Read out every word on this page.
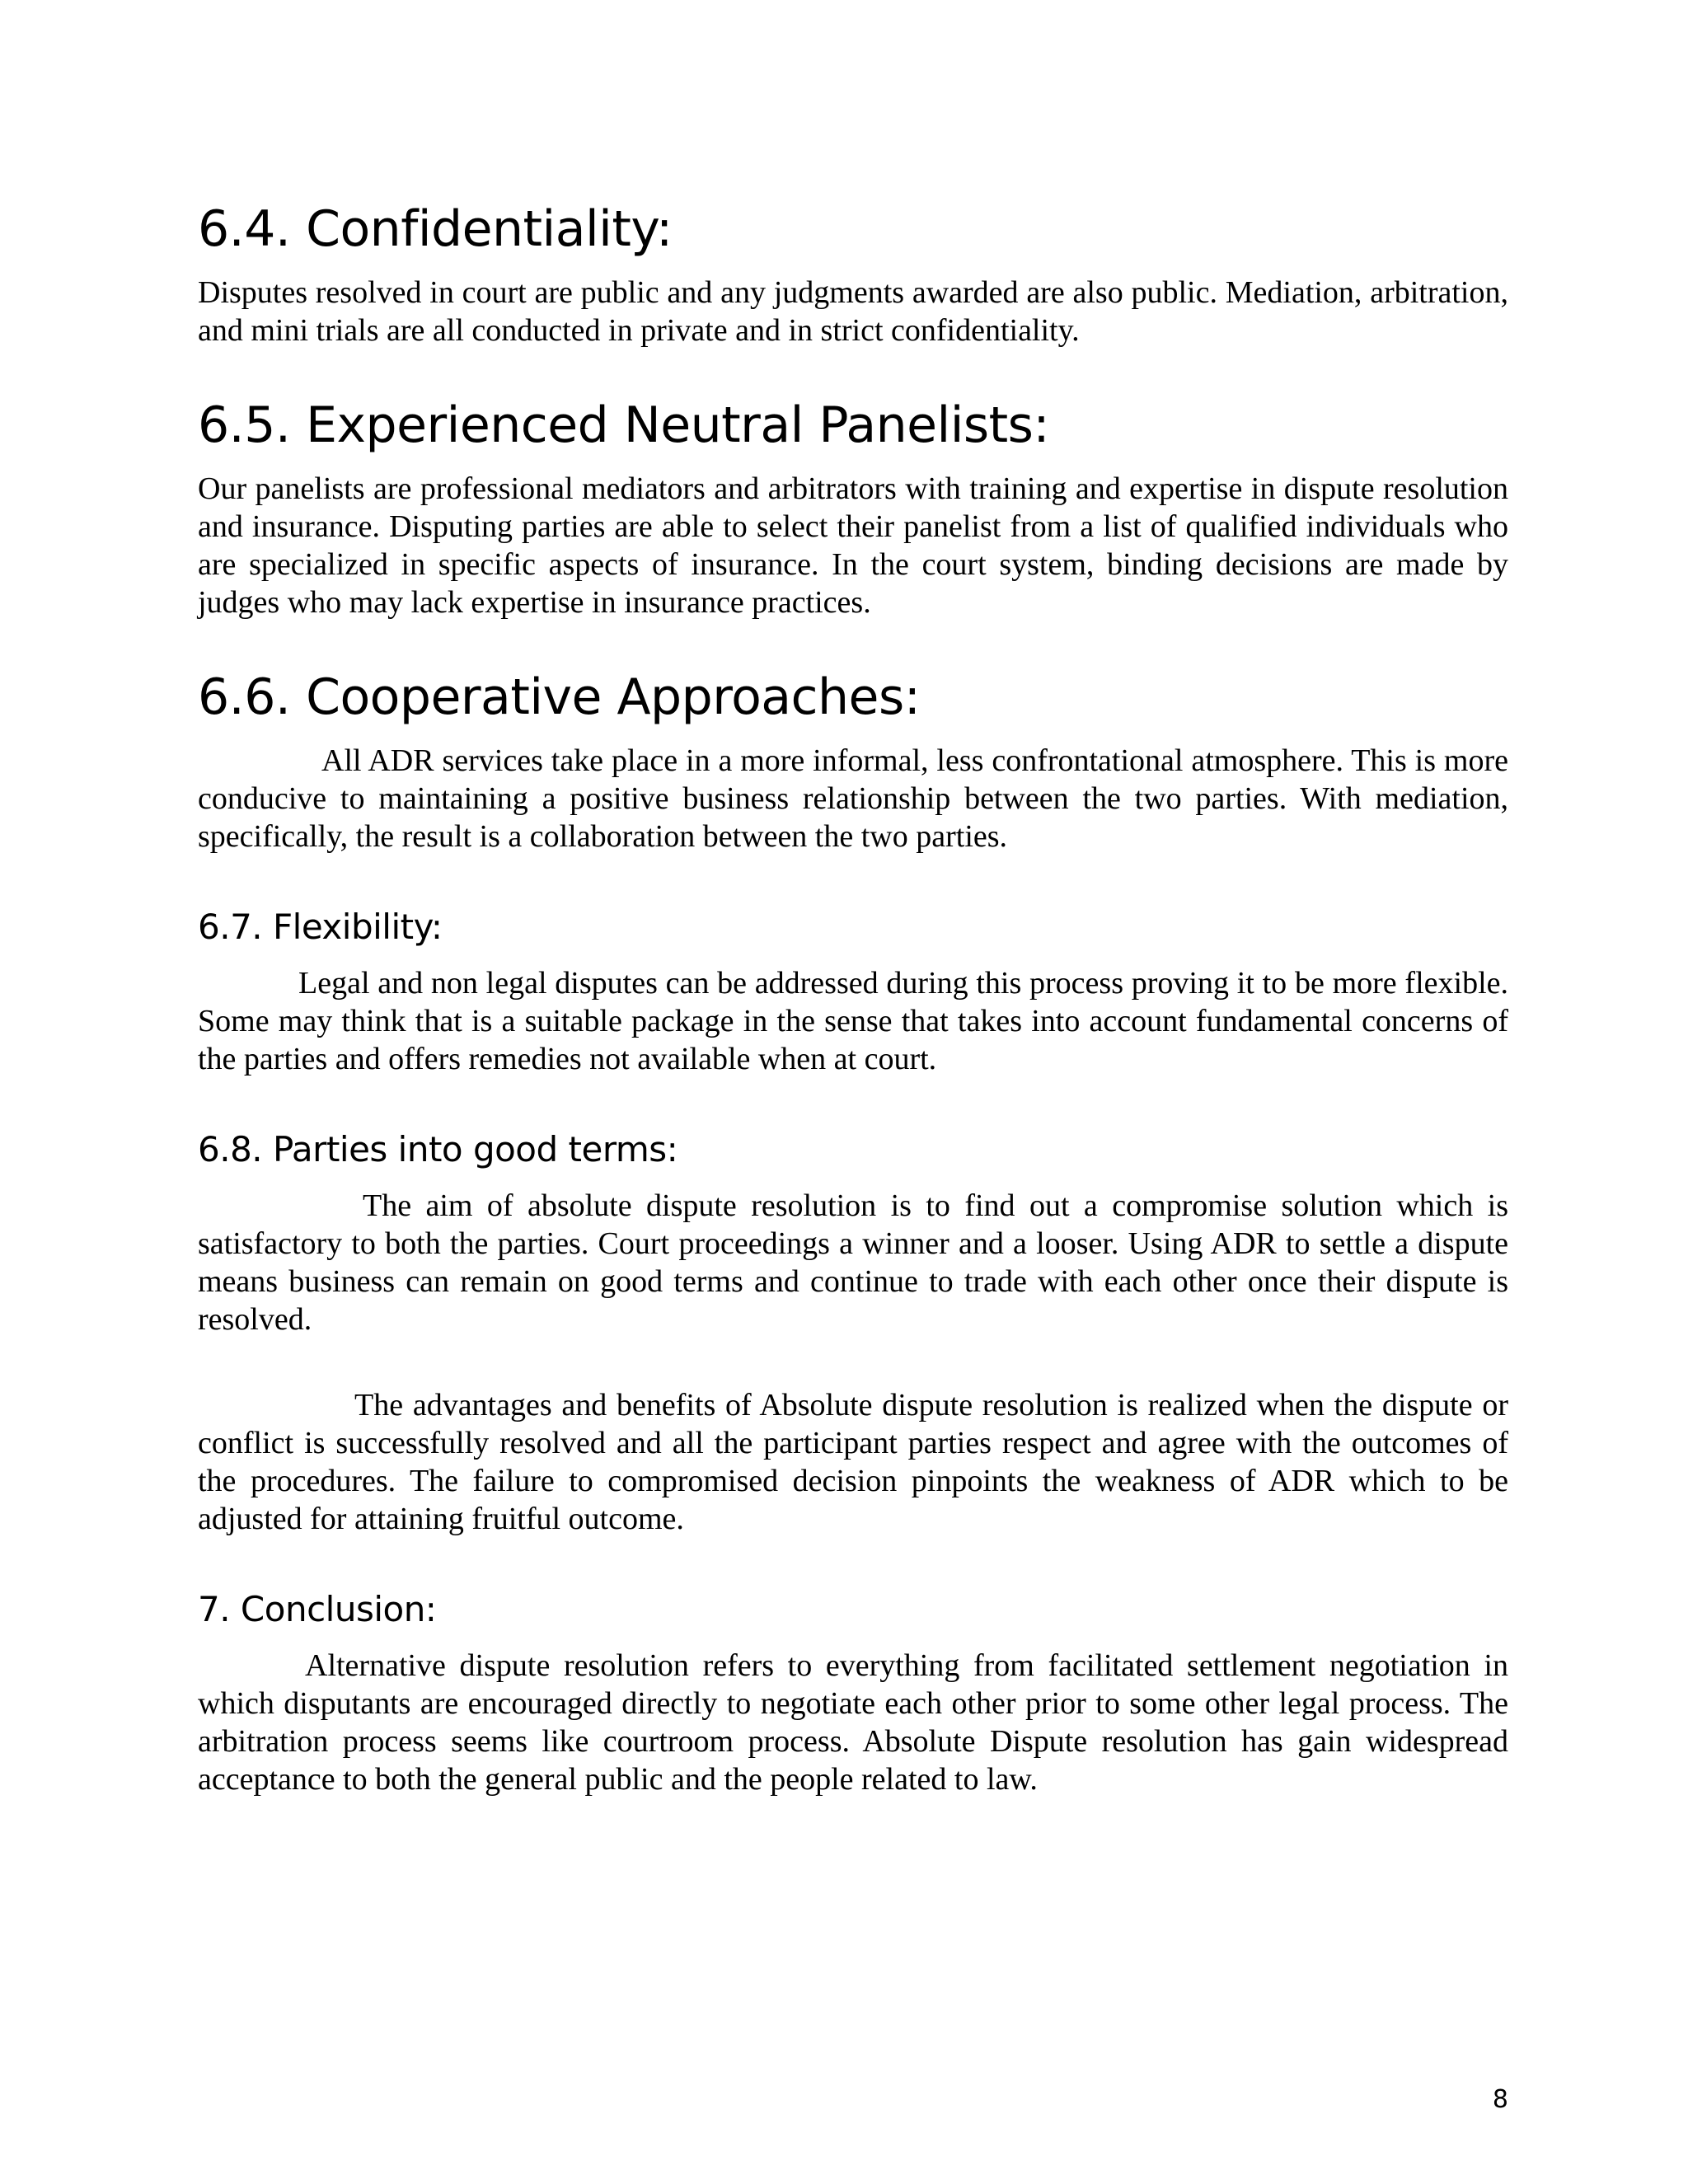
6.4. Confidentiality:

Disputes resolved in court are public and any judgments awarded are also public. Mediation, arbitration, and mini trials are all conducted in private and in strict confidentiality.

6.5. Experienced Neutral Panelists:

Our panelists are professional mediators and arbitrators with training and expertise in dispute resolution and insurance. Disputing parties are able to select their panelist from a list of qualified individuals who are specialized in specific aspects of insurance. In the court system, binding decisions are made by judges who may lack expertise in insurance practices.

6.6. Cooperative Approaches:

All ADR services take place in a more informal, less confrontational atmosphere. This is more conducive to maintaining a positive business relationship between the two parties. With mediation, specifically, the result is a collaboration between the two parties.

6.7. Flexibility:

Legal and non legal disputes can be addressed during this process proving it to be more flexible. Some may think that is a suitable package in the sense that takes into account fundamental concerns of the parties and offers remedies not available when at court.

6.8. Parties into good terms:

The aim of absolute dispute resolution is to find out a compromise solution which is satisfactory to both the parties. Court proceedings a winner and a looser. Using ADR to settle a dispute means business can remain on good terms and continue to trade with each other once their dispute is resolved.

The advantages and benefits of Absolute dispute resolution is realized when the dispute or conflict is successfully resolved and all the participant parties respect and agree with the outcomes of the procedures. The failure to compromised decision pinpoints the weakness of ADR which to be adjusted for attaining fruitful outcome.

7. Conclusion:

Alternative dispute resolution refers to everything from facilitated settlement negotiation in which disputants are encouraged directly to negotiate each other prior to some other legal process. The arbitration process seems like courtroom process. Absolute Dispute resolution has gain widespread acceptance to both the general public and the people related to law.

8
